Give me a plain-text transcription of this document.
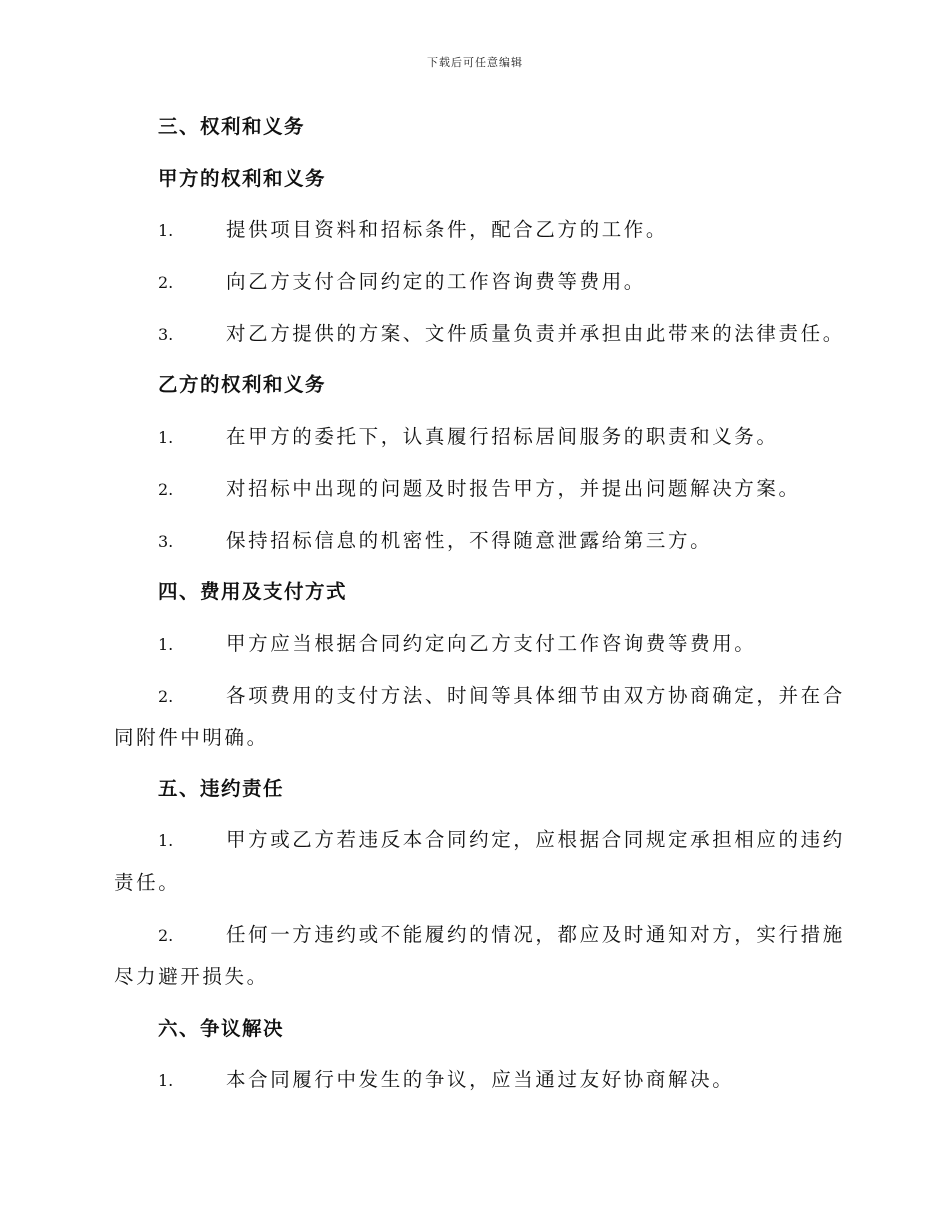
下载后可任意编辑
三、权利和义务
甲方的权利和义务
1.	提供项目资料和招标条件，配合乙方的工作。
2.	向乙方支付合同约定的工作咨询费等费用。
3.	对乙方提供的方案、文件质量负责并承担由此带来的法律责任。
乙方的权利和义务
1.	在甲方的委托下，认真履行招标居间服务的职责和义务。
2.	对招标中出现的问题及时报告甲方，并提出问题解决方案。
3.	保持招标信息的机密性，不得随意泄露给第三方。
四、费用及支付方式
1.	甲方应当根据合同约定向乙方支付工作咨询费等费用。
2.	各项费用的支付方法、时间等具体细节由双方协商确定，并在合
同附件中明确。
五、违约责任
1.	甲方或乙方若违反本合同约定，应根据合同规定承担相应的违约
责任。
2.	任何一方违约或不能履约的情况，都应及时通知对方，实行措施
尽力避开损失。
六、争议解决
1.	本合同履行中发生的争议，应当通过友好协商解决。
